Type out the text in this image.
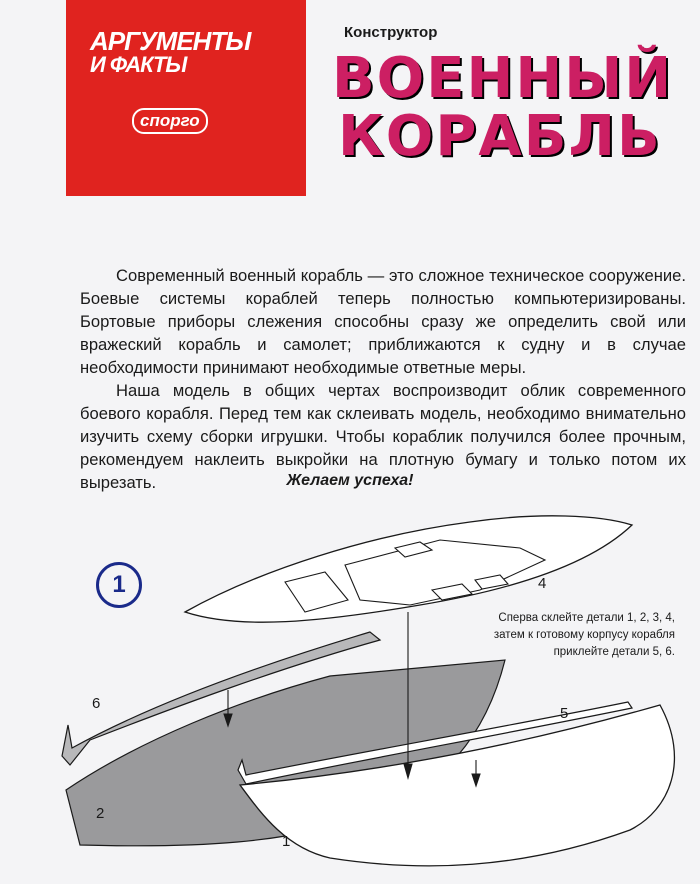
АРГУМЕНТЫ
И ФАКТЫ
спорго
Конструктор
ВОЕННЫЙ
КОРАБЛЬ

Современный военный корабль — это сложное техническое сооружение. Боевые системы кораблей теперь полностью компьютеризированы. Бортовые приборы слежения способны сразу же определить свой или вражеский корабль и самолет; приближаются к судну и в случае необходимости принимают необходимые ответные меры.

Наша модель в общих чертах воспроизводит облик современного боевого корабля. Перед тем как склеивать модель, необходимо внимательно изучить схему сборки игрушки. Чтобы кораблик получился более прочным, рекомендуем наклеить выкройки на плотную бумагу и только потом их вырезать.	Желаем успеха!
4
6
5
2
1
1
Сперва склейте детали 1, 2, 3, 4,
затем к готовому корпусу корабля
приклейте детали 5, 6.
